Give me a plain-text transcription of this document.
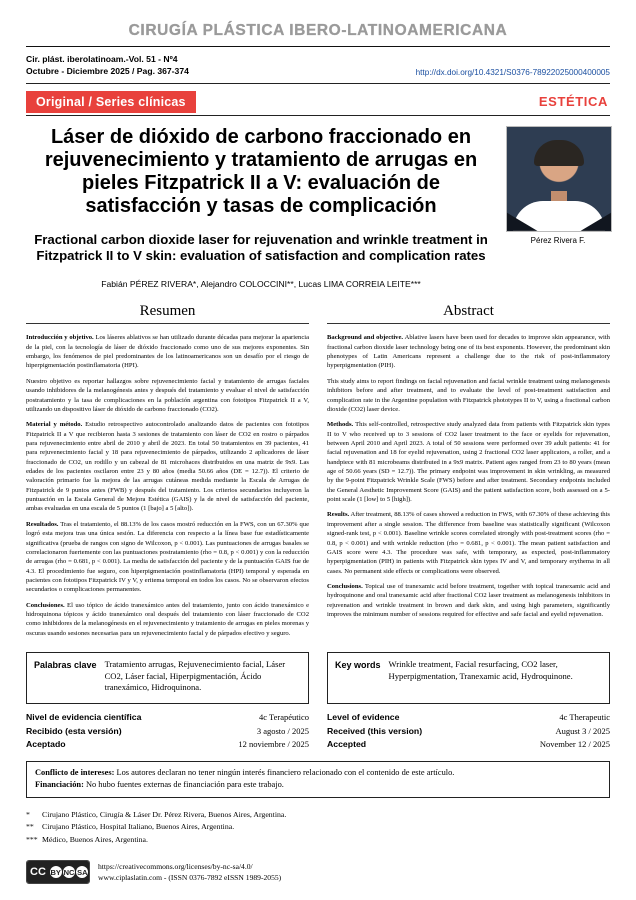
CIRUGÍA PLÁSTICA IBERO-LATINOAMERICANA
Cir. plást. iberolatinoam.-Vol. 51 - Nº4
Octubre - Diciembre 2025 / Pag. 367-374	http://dx.doi.org/10.4321/S0376-78922025000400005
Original / Series clínicas	ESTÉTICA
Láser de dióxido de carbono fraccionado en rejuvenecimiento y tratamiento de arrugas en pieles Fitzpatrick II a V: evaluación de satisfacción y tasas de complicación
Fractional carbon dioxide laser for rejuvenation and wrinkle treatment in Fitzpatrick II to V skin: evaluation of satisfaction and complication rates
Fabián PÉREZ RIVERA*, Alejandro COLOCCINI**, Lucas LIMA CORREIA LEITE***
Pérez Rivera F.
Resumen	Abstract

Introducción y objetivo. Los láseres ablativos se han utilizado durante décadas para mejorar la apariencia de la piel, con la tecnología de láser de dióxido fraccionado como uno de sus mejores exponentes. Sin embargo, los fenómenos de piel predominantes de los latinoamericanos son un desafío por el riesgo de hiperpigmentación postinflamatoria (HPI).

Nuestro objetivo es reportar hallazgos sobre rejuvenecimiento facial y tratamiento de arrugas faciales usando inhibidores de la melanogénesis antes y después del tratamiento y evaluar el nivel de satisfacción postratamiento y la tasa de complicaciones en la población argentina con fototipos Fitzpatrick II a V, utilizando un dispositivo láser de dióxido de carbono fraccionado (CO2).

Material y método. Estudio retrospectivo autocontrolado analizando datos de pacientes con fototipos Fitzpatrick II a V que recibieron hasta 3 sesiones de tratamiento con láser de CO2 en rostro o párpados para rejuvenecimiento entre abril de 2010 y abril de 2023. En total 50 tratamientos en 39 pacientes, 41 para rejuvenecimiento facial y 18 para rejuvenecimiento de párpados, utilizando 2 aplicadores de láser fraccionado de CO2, un rodillo y un cabezal de 81 microhaces distribuidos en una matriz de 9x9. Las edades de los pacientes oscilaron entre 23 y 80 años (media 50.66 años (DE = 12.7)). El criterio de valoración primario fue la mejora de las arrugas cutáneas medida mediante la Escala de Arrugas de Fitzpatrick de 9 puntos antes (FWB) y después del tratamiento. Los criterios secundarios incluyeron la puntuación en la Escala General de Mejora Estética (GAIS) y la de nivel de satisfacción del paciente, ambas evaluadas en una escala de 5 puntos (1 [bajo] a 5 [alto]).

Resultados. Tras el tratamiento, el 88.13% de los casos mostró reducción en la FWS, con un 67.30% que logró esta mejora tras una única sesión. La diferencia con respecto a la línea base fue estadísticamente significativa (prueba de rangos con signo de Wilcoxon, p < 0.001). Las puntuaciones de arrugas basales se correlacionaron fuertemente con las puntuaciones postratamiento (rho = 0.8, p < 0.001) y con la reducción de arrugas (rho = 0.681, p < 0.001). La media de satisfacción del paciente y de la puntuación GAIS fue de 4.3. El procedimiento fue seguro, con hiperpigmentación postinflamatoria (HPI) temporal y esperada en pacientes con fototipos Fitzpatrick IV y V, y eritema temporal en todos los casos. No se observaron efectos secundarios o complicaciones permanentes.

Conclusiones. El uso tópico de ácido tranexámico antes del tratamiento, junto con ácido tranexámico e hidroquinona tópicos y ácido tranexámico oral después del tratamiento con láser fraccionado de CO2 como inhibidores de la melanogénesis en el rejuvenecimiento y tratamiento de arrugas en pieles morenas y oscuras usando sesiones necesarias para un rejuvenecimiento facial y de párpados efectivo y seguro.

Background and objective. Ablative lasers have been used for decades to improve skin appearance, with fractional carbon dioxide laser technology being one of its best exponents. However, the predominant skin phenotypes of Latin Americans represent a challenge due to the risk of post-inflammatory hyperpigmentation (PIH).

This study aims to report findings on facial rejuvenation and facial wrinkle treatment using melanogenesis inhibitors before and after treatment, and to evaluate the level of post-treatment satisfaction and complication rate in the Argentine population with Fitzpatrick phototypes II to V, using a fractional carbon dioxide (CO2) laser device.

Methods. This self-controlled, retrospective study analyzed data from patients with Fitzpatrick skin types II to V who received up to 3 sessions of CO2 laser treatment to the face or eyelids for rejuvenation, between April 2010 and April 2023. A total of 50 sessions were performed over 39 adult patients: 41 for facial rejuvenation and 18 for eyelid rejuvenation, using 2 fractional CO2 laser applicators, a roller, and a handpiece with 81 microbeams distributed in a 9x9 matrix. Patient ages ranged from 23 to 80 years (mean age of 50.66 years (SD = 12.7)). The primary endpoint was improvement in skin wrinkling, as measured by the 9-point Fitzpatrick Wrinkle Scale (FWS) before and after treatment. Secondary endpoints included the General Aesthetic Improvement Score (GAIS) and the patient satisfaction score, both assessed on a 5-point scale (1 [low] to 5 [high]).

Results. After treatment, 88.13% of cases showed a reduction in FWS, with 67.30% of these achieving this improvement after a single session. The difference from baseline was statistically significant (Wilcoxon signed-rank test, p < 0.001). Baseline wrinkle scores correlated strongly with post-treatment scores (rho = 0.8, p < 0.001) and with wrinkle reduction (rho = 0.681, p < 0.001). The mean patient satisfaction and GAIS score were 4.3. The procedure was safe, with temporary, as expected, post-inflammatory hyperpigmentation (PIH) in patients with Fitzpatrick skin types IV and V, and temporary erythema in all cases. No permanent side effects or complications were observed.

Conclusions. Topical use of tranexamic acid before treatment, together with topical tranexamic acid and hydroquinone and oral tranexamic acid after fractional CO2 laser treatment as melanogenesis inhibitors in rejuvenation and wrinkle treatment in brown and dark skin, and using high parameters, significantly improves the minimum number of sessions required for effective and safe facial and eyelid rejuvenation.

Palabras clave Tratamiento arrugas, Rejuvenecimiento facial, Láser CO2, Láser facial, Hiperpigmentación, Ácido tranexámico, Hidroquinona.
Key words Wrinkle treatment, Facial resurfacing, CO2 laser, Hyperpigmentation, Tranexamic acid, Hydroquinone.
Nivel de evidencia científica	4c Terapéutico
Recibido (esta versión)	3 agosto / 2025
Aceptado	12 noviembre / 2025
Level of evidence	4c Therapeutic
Received (this version)	August 3 / 2025
Accepted	November 12 / 2025
Conflicto de intereses: Los autores declaran no tener ningún interés financiero relacionado con el contenido de este artículo.
Financiación: No hubo fuentes externas de financiación para este trabajo.
* Cirujano Plástico, Cirugía & Láser Dr. Pérez Rivera, Buenos Aires, Argentina.
** Cirujano Plástico, Hospital Italiano, Buenos Aires, Argentina.
*** Médico, Buenos Aires, Argentina.
CC BY NC SA
https://creativecommons.org/licenses/by-nc-sa/4.0/
www.ciplaslatin.com - (ISSN 0376-7892 eISSN 1989-2055)
